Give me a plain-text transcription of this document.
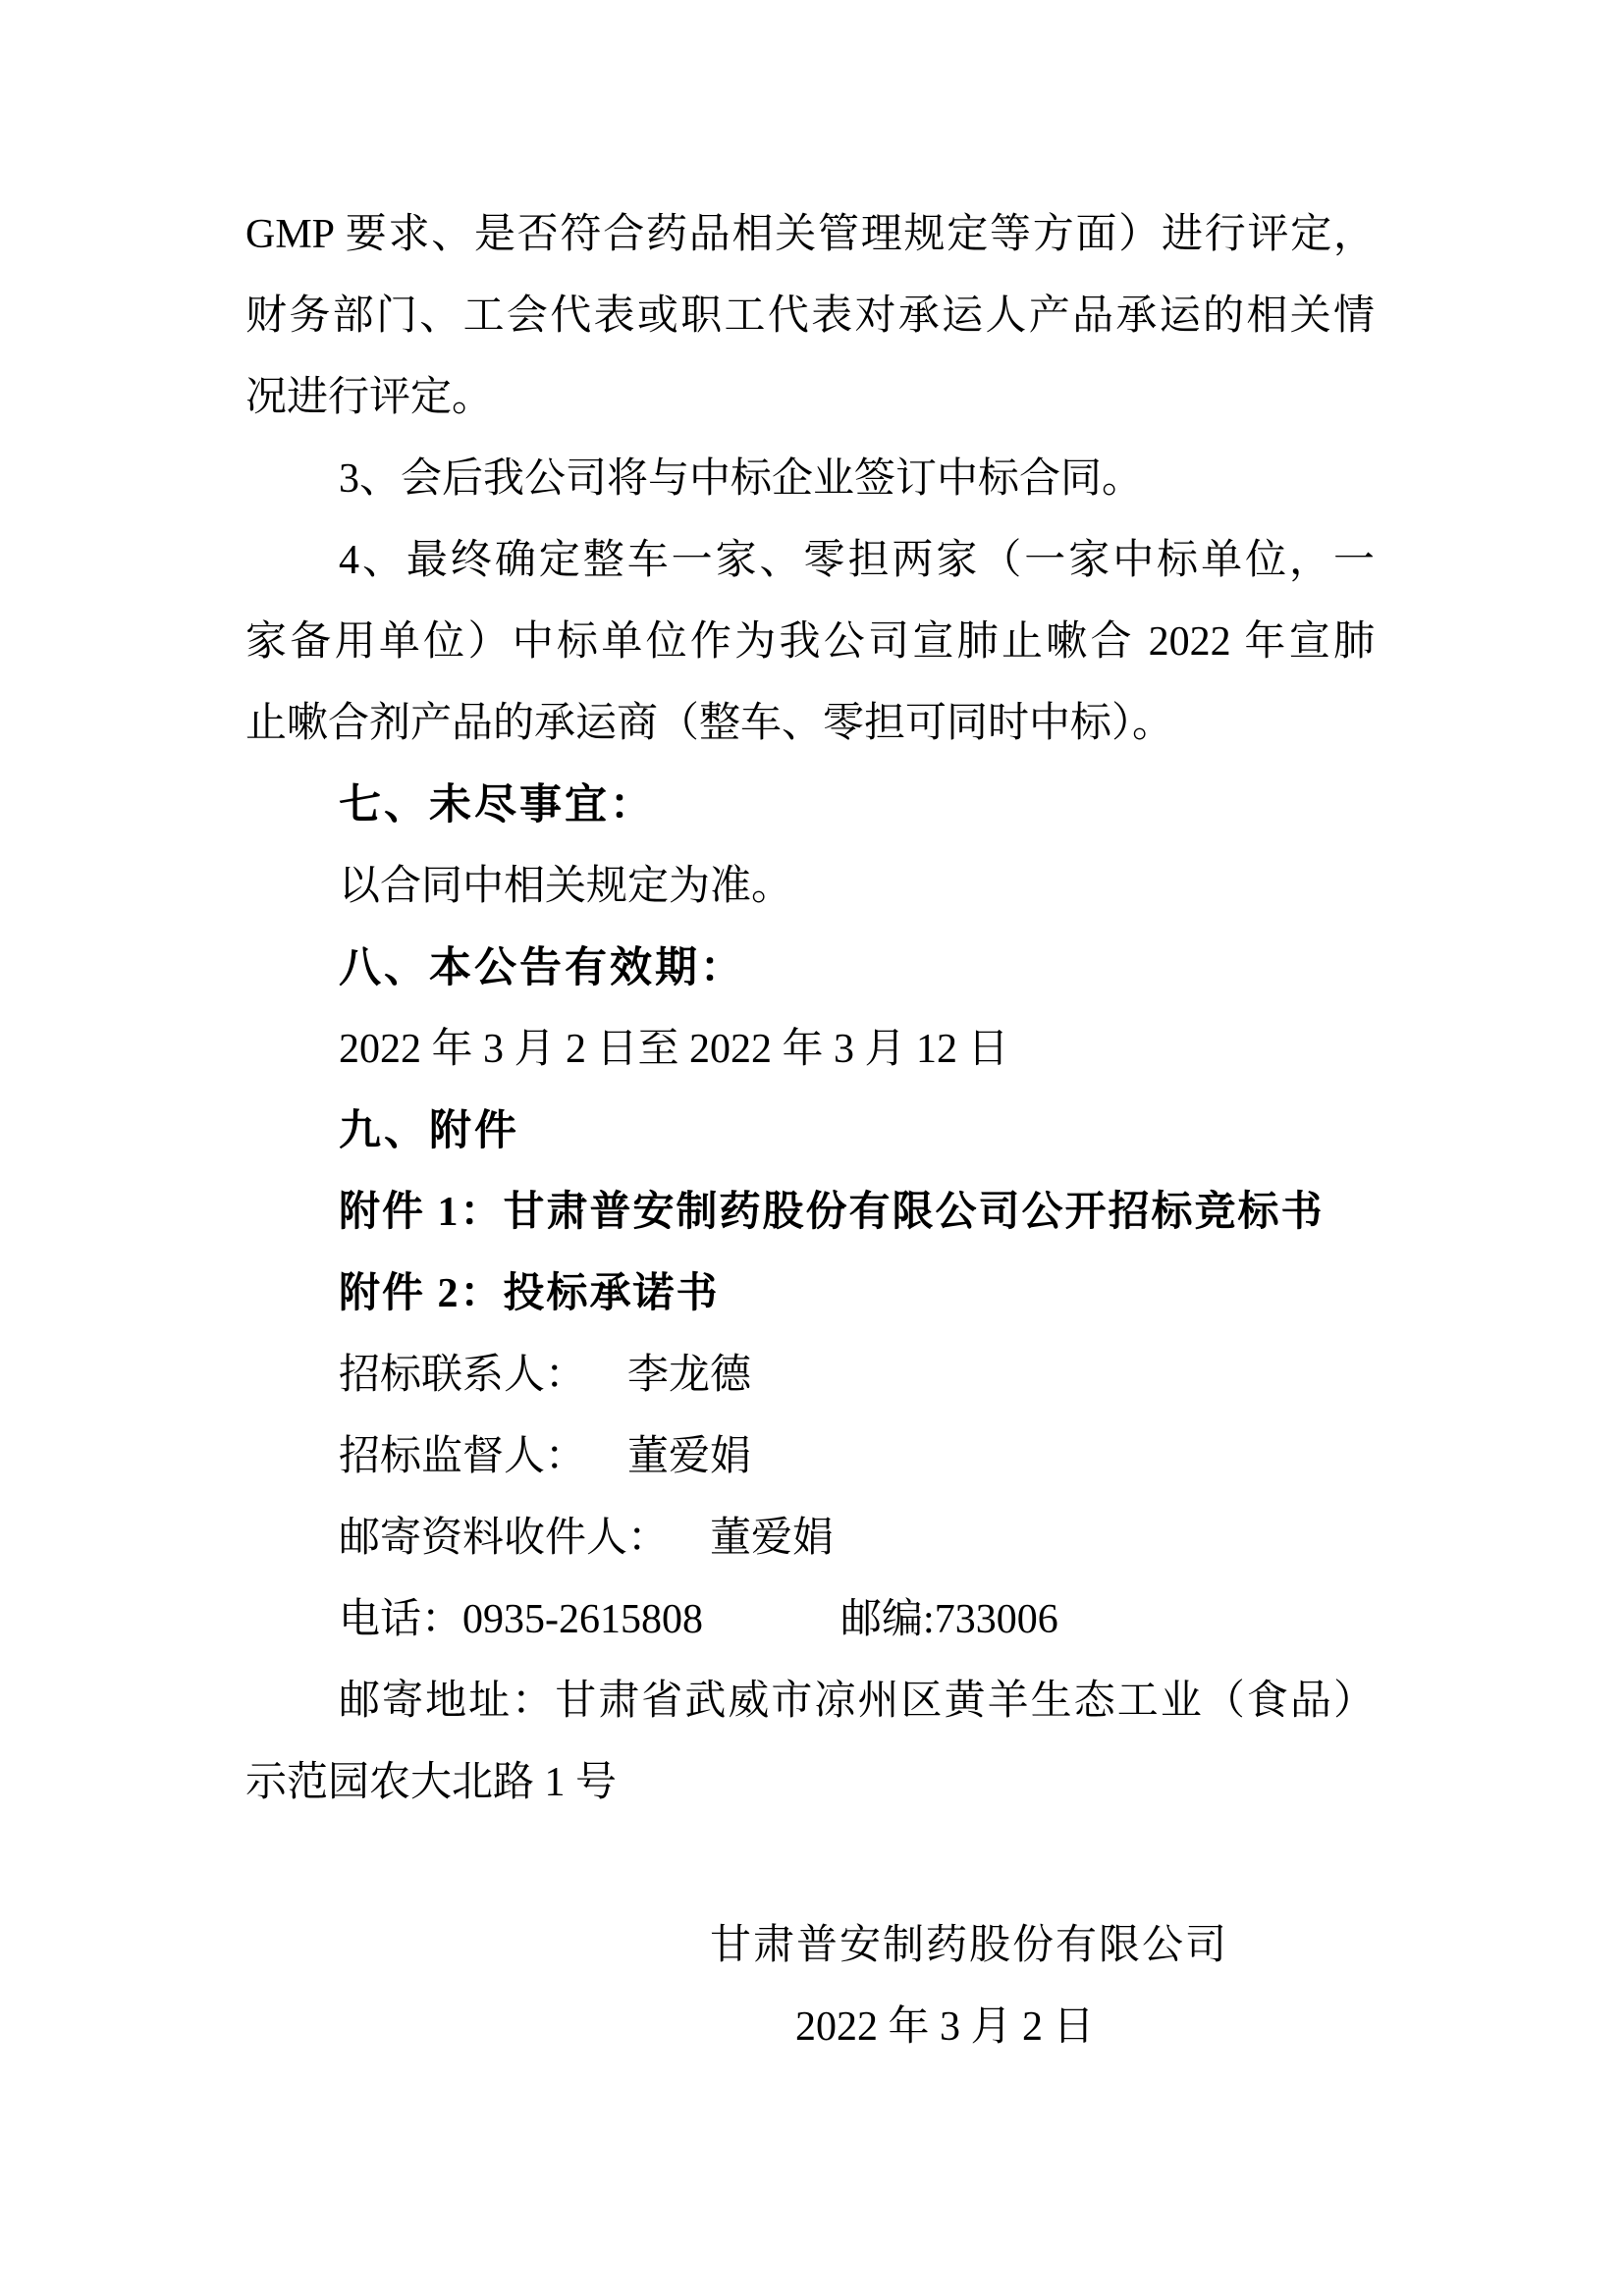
GMP 要求、是否符合药品相关管理规定等方面）进行评定，
财务部门、工会代表或职工代表对承运人产品承运的相关情
况进行评定。
3、会后我公司将与中标企业签订中标合同。
4、最终确定整车一家、零担两家（一家中标单位，一
家备用单位）中标单位作为我公司宣肺止嗽合 2022 年宣肺
止嗽合剂产品的承运商（整车、零担可同时中标）。
七、未尽事宜：
以合同中相关规定为准。
八、本公告有效期：
2022 年 3 月 2 日至 2022 年 3 月 12 日
九、附件
附件 1：甘肃普安制药股份有限公司公开招标竞标书
附件 2：投标承诺书
招标联系人： 李龙德
招标监督人： 董爱娟
邮寄资料收件人： 董爱娟
电话：0935-2615808	邮编:733006
邮寄地址：甘肃省武威市凉州区黄羊生态工业（食品）
示范园农大北路 1 号
甘肃普安制药股份有限公司
2022 年 3 月 2 日
